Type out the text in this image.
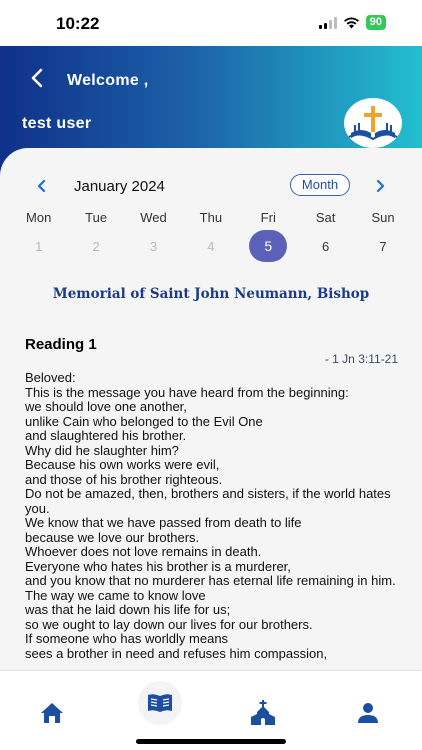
10:22	90
Welcome ,
test user
January 2024	Month
Mon	Tue	Wed	Thu	Fri	Sat	Sun
1	2	3	4	5	6	7
Memorial of Saint John Neumann, Bishop
Reading 1
- 1 Jn 3:11-21
Beloved:
This is the message you have heard from the beginning:
we should love one another,
unlike Cain who belonged to the Evil One
and slaughtered his brother.
Why did he slaughter him?
Because his own works were evil,
and those of his brother righteous.
Do not be amazed, then, brothers and sisters, if the world hates you.
We know that we have passed from death to life
because we love our brothers.
Whoever does not love remains in death.
Everyone who hates his brother is a murderer,
and you know that no murderer has eternal life remaining in him.
The way we came to know love
was that he laid down his life for us;
so we ought to lay down our lives for our brothers.
If someone who has worldly means
sees a brother in need and refuses him compassion,
